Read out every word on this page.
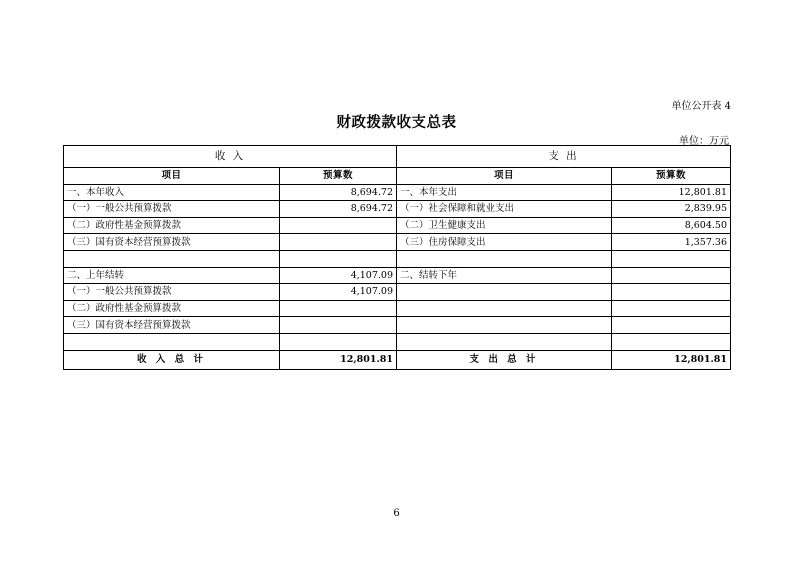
单位公开表 4
财政拨款收支总表
单位：万元
收 入		支 出	
项目	预算数	项目	预算数
一、本年收入	8,694.72	一、本年支出	12,801.81
（一）一般公共预算拨款	8,694.72	（一）社会保障和就业支出	2,839.95
（二）政府性基金预算拨款		（二）卫生健康支出	8,604.50
（三）国有资本经营预算拨款		（三）住房保障支出	1,357.36

二、上年结转	4,107.09	二、结转下年	
（一）一般公共预算拨款	4,107.09		
（二）政府性基金预算拨款			
（三）国有资本经营预算拨款			

收 入 总 计	12,801.81	支 出 总 计	12,801.81
6
